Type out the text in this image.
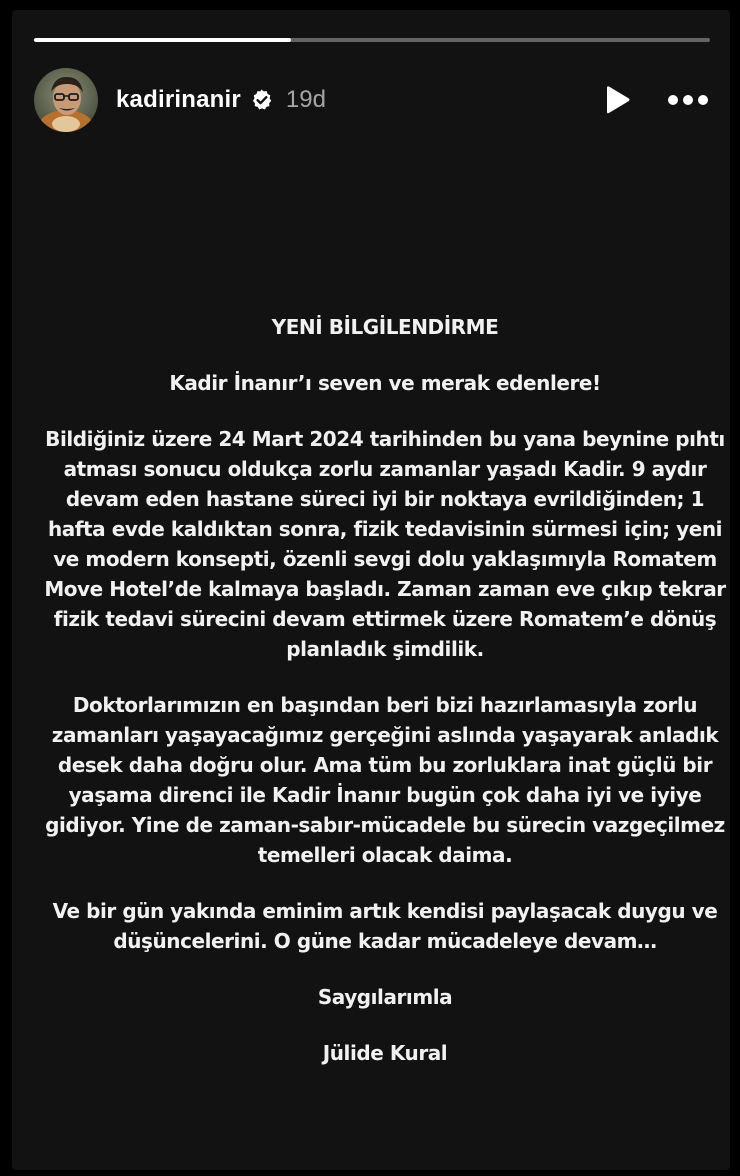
kadirinanir 19d

YENİ BİLGİLENDİRME

Kadir İnanır’ı seven ve merak edenlere!

Bildiğiniz üzere 24 Mart 2024 tarihinden bu yana beynine pıhtı atması sonucu oldukça zorlu zamanlar yaşadı Kadir. 9 aydır devam eden hastane süreci iyi bir noktaya evrildiğinden; 1 hafta evde kaldıktan sonra, fizik tedavisinin sürmesi için; yeni ve modern konsepti, özenli sevgi dolu yaklaşımıyla Romatem Move Hotel’de kalmaya başladı. Zaman zaman eve çıkıp tekrar fizik tedavi sürecini devam ettirmek üzere Romatem’e dönüş planladık şimdilik.

Doktorlarımızın en başından beri bizi hazırlamasıyla zorlu zamanları yaşayacağımız gerçeğini aslında yaşayarak anladık desek daha doğru olur. Ama tüm bu zorluklara inat güçlü bir yaşama direnci ile Kadir İnanır bugün çok daha iyi ve iyiye gidiyor. Yine de zaman-sabır-mücadele bu sürecin vazgeçilmez temelleri olacak daima.

Ve bir gün yakında eminim artık kendisi paylaşacak duygu ve düşüncelerini. O güne kadar mücadeleye devam…

Saygılarımla

Jülide Kural
